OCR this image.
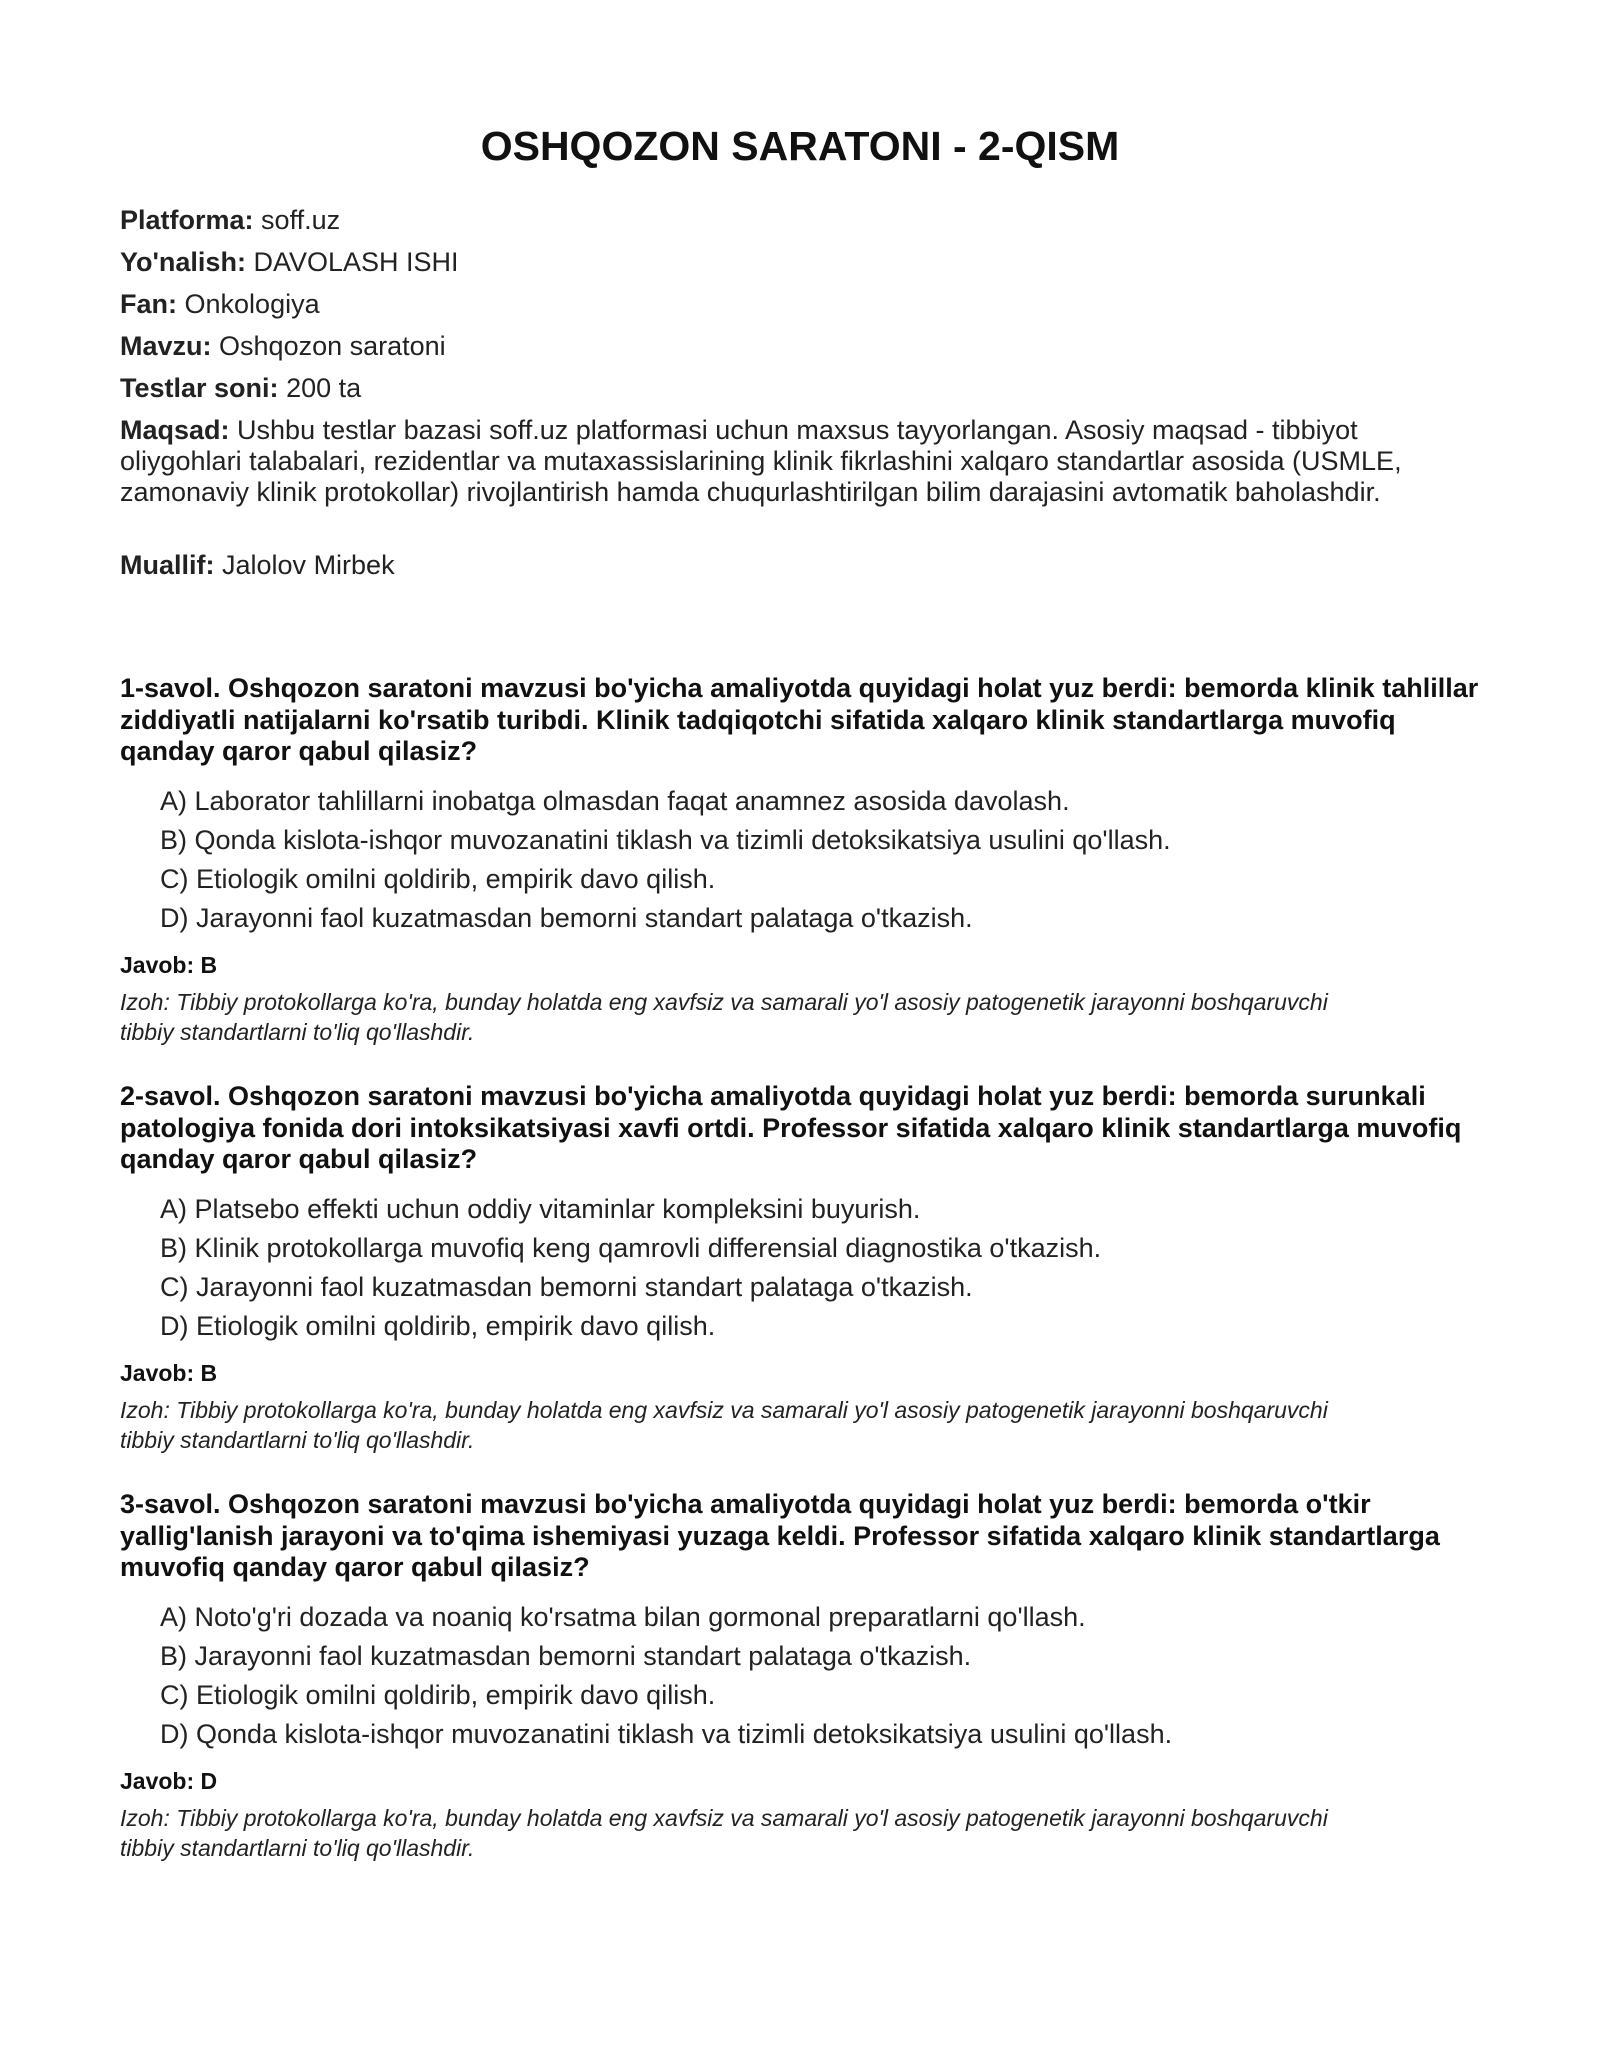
OSHQOZON SARATONI - 2-QISM
Platforma: soff.uz
Yo'nalish: DAVOLASH ISHI
Fan: Onkologiya
Mavzu: Oshqozon saratoni
Testlar soni: 200 ta
Maqsad: Ushbu testlar bazasi soff.uz platformasi uchun maxsus tayyorlangan. Asosiy maqsad - tibbiyot oliygohlari talabalari, rezidentlar va mutaxassislarining klinik fikrlashini xalqaro standartlar asosida (USMLE, zamonaviy klinik protokollar) rivojlantirish hamda chuqurlashtirilgan bilim darajasini avtomatik baholashdir.
Muallif: Jalolov Mirbek

1-savol. Oshqozon saratoni mavzusi bo'yicha amaliyotda quyidagi holat yuz berdi: bemorda klinik tahlillar ziddiyatli natijalarni ko'rsatib turibdi. Klinik tadqiqotchi sifatida xalqaro klinik standartlarga muvofiq qanday qaror qabul qilasiz?

A) Laborator tahlillarni inobatga olmasdan faqat anamnez asosida davolash.
B) Qonda kislota-ishqor muvozanatini tiklash va tizimli detoksikatsiya usulini qo'llash.
C) Etiologik omilni qoldirib, empirik davo qilish.
D) Jarayonni faol kuzatmasdan bemorni standart palataga o'tkazish.
Javob: B
Izoh: Tibbiy protokollarga ko'ra, bunday holatda eng xavfsiz va samarali yo'l asosiy patogenetik jarayonni boshqaruvchi tibbiy standartlarni to'liq qo'llashdir.

2-savol. Oshqozon saratoni mavzusi bo'yicha amaliyotda quyidagi holat yuz berdi: bemorda surunkali patologiya fonida dori intoksikatsiyasi xavfi ortdi. Professor sifatida xalqaro klinik standartlarga muvofiq qanday qaror qabul qilasiz?

A) Platsebo effekti uchun oddiy vitaminlar kompleksini buyurish.
B) Klinik protokollarga muvofiq keng qamrovli differensial diagnostika o'tkazish.
C) Jarayonni faol kuzatmasdan bemorni standart palataga o'tkazish.
D) Etiologik omilni qoldirib, empirik davo qilish.
Javob: B
Izoh: Tibbiy protokollarga ko'ra, bunday holatda eng xavfsiz va samarali yo'l asosiy patogenetik jarayonni boshqaruvchi tibbiy standartlarni to'liq qo'llashdir.

3-savol. Oshqozon saratoni mavzusi bo'yicha amaliyotda quyidagi holat yuz berdi: bemorda o'tkir yallig'lanish jarayoni va to'qima ishemiyasi yuzaga keldi. Professor sifatida xalqaro klinik standartlarga muvofiq qanday qaror qabul qilasiz?

A) Noto'g'ri dozada va noaniq ko'rsatma bilan gormonal preparatlarni qo'llash.
B) Jarayonni faol kuzatmasdan bemorni standart palataga o'tkazish.
C) Etiologik omilni qoldirib, empirik davo qilish.
D) Qonda kislota-ishqor muvozanatini tiklash va tizimli detoksikatsiya usulini qo'llash.
Javob: D
Izoh: Tibbiy protokollarga ko'ra, bunday holatda eng xavfsiz va samarali yo'l asosiy patogenetik jarayonni boshqaruvchi tibbiy standartlarni to'liq qo'llashdir.
